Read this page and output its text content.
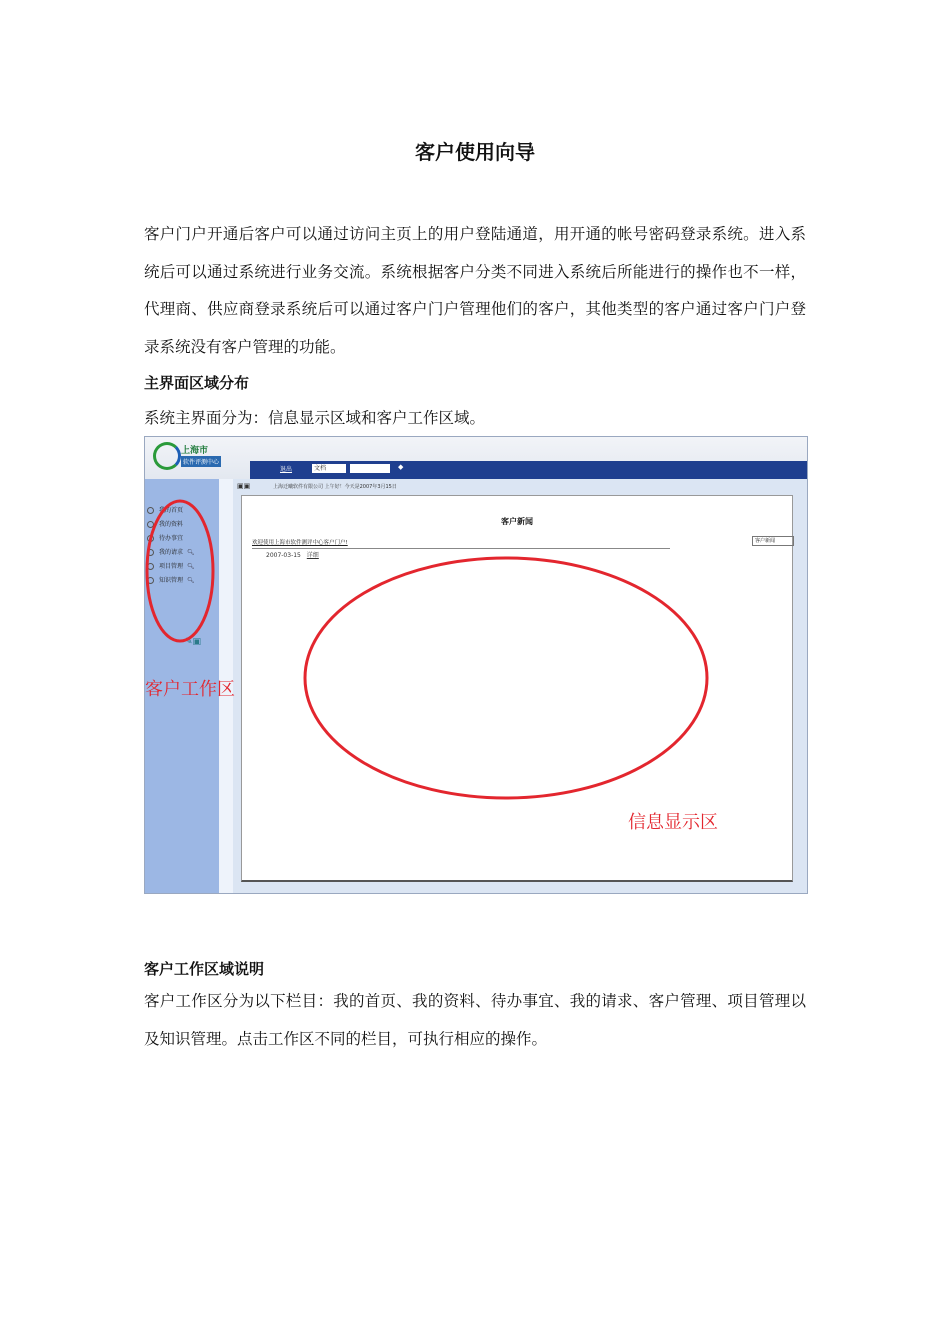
客户使用向导

客户门户开通后客户可以通过访问主页上的用户登陆通道，用开通的帐号密码登录系统。进入系统后可以通过系统进行业务交流。系统根据客户分类不同进入系统后所能进行的操作也不一样，代理商、供应商登录系统后可以通过客户门户管理他们的客户，其他类型的客户通过客户门户登录系统没有客户管理的功能。

主界面区域分布
系统主界面分为：信息显示区域和客户工作区域。
上海市
软件评测中心
退出	文档	◆
我的首页
我的资料
待办事宜
我的请求 🔍︎
项目管理 🔍︎
知识管理 🔍︎
✎▣
▣▣	上海迁曦软件有限公司 上午好！今天是2007年3月15日
客户新闻
欢迎使用上海市软件测评中心客户门户!
2007-03-15 详细
客户新闻
客户工作区
信息显示区
客户工作区域说明

客户工作区分为以下栏目：我的首页、我的资料、待办事宜、我的请求、客户管理、项目管理以及知识管理。点击工作区不同的栏目，可执行相应的操作。
